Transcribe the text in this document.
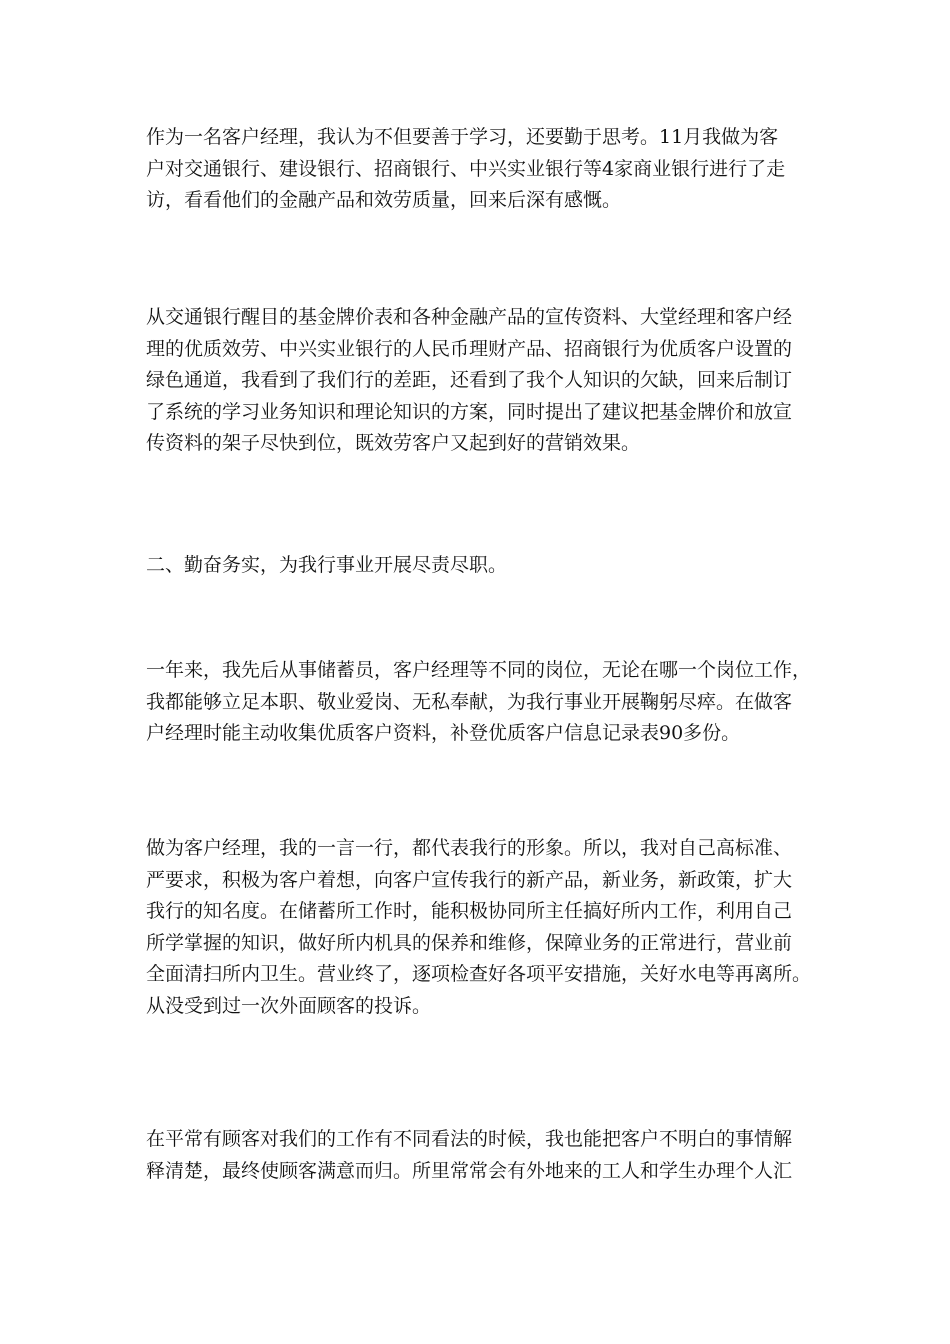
作为一名客户经理，我认为不但要善于学习，还要勤于思考。11月我做为客
户对交通银行、建设银行、招商银行、中兴实业银行等4家商业银行进行了走
访，看看他们的金融产品和效劳质量，回来后深有感慨。
从交通银行醒目的基金牌价表和各种金融产品的宣传资料、大堂经理和客户经
理的优质效劳、中兴实业银行的人民币理财产品、招商银行为优质客户设置的
绿色通道，我看到了我们行的差距，还看到了我个人知识的欠缺，回来后制订
了系统的学习业务知识和理论知识的方案，同时提出了建议把基金牌价和放宣
传资料的架子尽快到位，既效劳客户又起到好的营销效果。
二、勤奋务实，为我行事业开展尽责尽职。
一年来，我先后从事储蓄员，客户经理等不同的岗位，无论在哪一个岗位工作，
我都能够立足本职、敬业爱岗、无私奉献，为我行事业开展鞠躬尽瘁。在做客
户经理时能主动收集优质客户资料，补登优质客户信息记录表90多份。
做为客户经理，我的一言一行，都代表我行的形象。所以，我对自己高标准、
严要求，积极为客户着想，向客户宣传我行的新产品，新业务，新政策，扩大
我行的知名度。在储蓄所工作时，能积极协同所主任搞好所内工作，利用自己
所学掌握的知识，做好所内机具的保养和维修，保障业务的正常进行，营业前
全面清扫所内卫生。营业终了，逐项检查好各项平安措施，关好水电等再离所。
从没受到过一次外面顾客的投诉。
在平常有顾客对我们的工作有不同看法的时候，我也能把客户不明白的事情解
释清楚，最终使顾客满意而归。所里常常会有外地来的工人和学生办理个人汇
